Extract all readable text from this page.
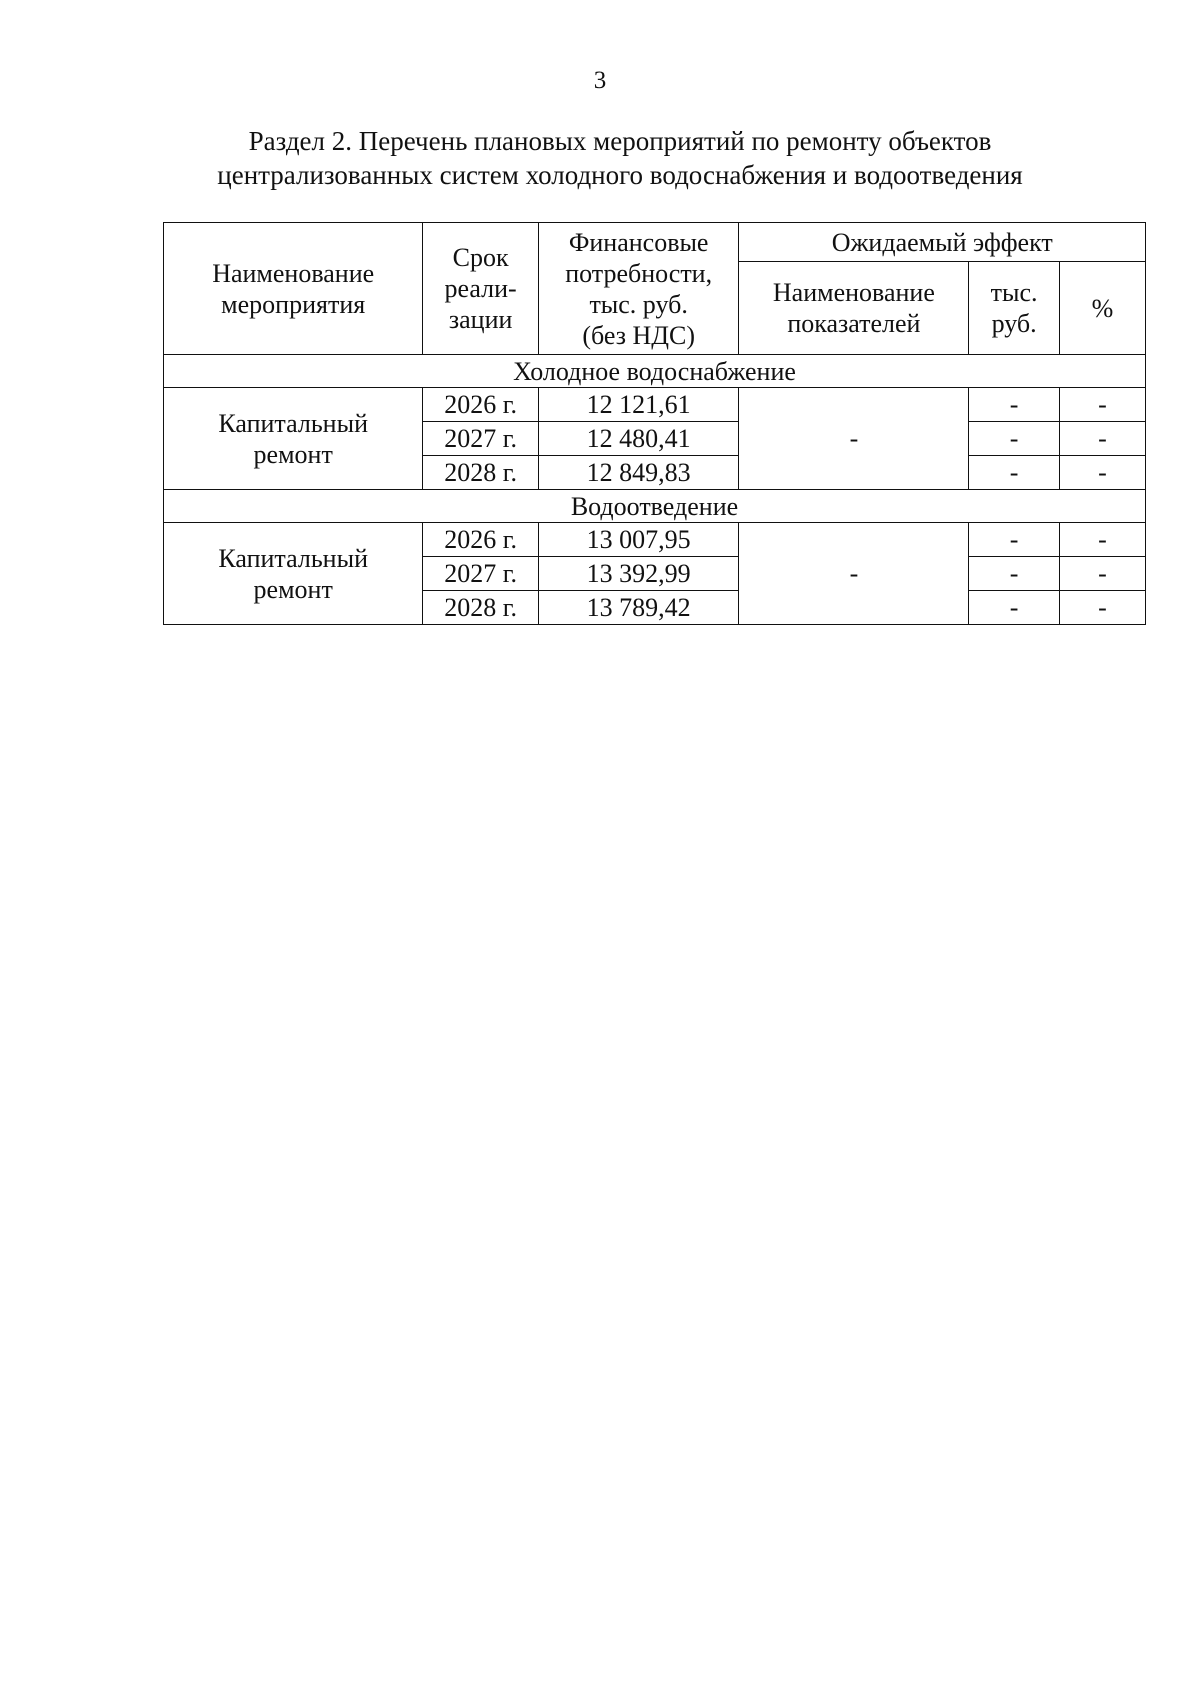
3
Раздел 2. Перечень плановых мероприятий по ремонту объектов
централизованных систем холодного водоснабжения и водоотведения
Наименование
мероприятия	Срок
реали-
зации	Финансовые
потребности,
тыс. руб.
(без НДС)	Ожидаемый эффект		

			Наименование
показателей	тыс.
руб.	%
Холодное водоснабжение					

Капитальный
ремонт	2026 г.	12 121,61	-	-	-
	2027 г.	12 480,41		-	-
	2028 г.	12 849,83		-	-
Водоотведение					

Капитальный
ремонт	2026 г.	13 007,95	-	-	-
	2027 г.	13 392,99		-	-
	2028 г.	13 789,42		-	-
